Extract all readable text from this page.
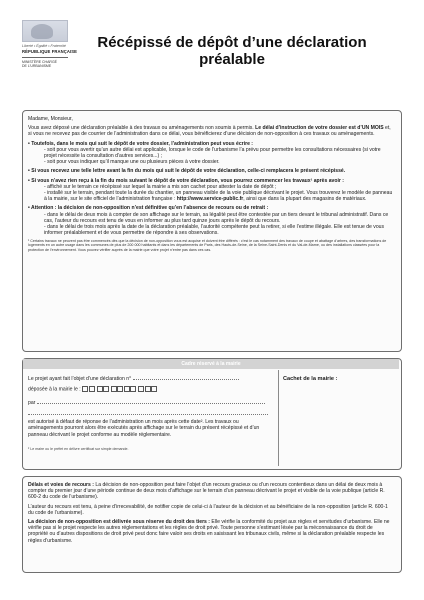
Liberté • Égalité • Fraternité
RÉPUBLIQUE FRANÇAISE
MINISTÈRE CHARGÉ
DE L’URBANISME
Récépissé de dépôt d’une déclaration préalable
Madame, Monsieur,
Vous avez déposé une déclaration préalable à des travaux ou aménagements non soumis à permis. Le délai d’instruction de votre dossier est d’UN MOIS et, si vous ne recevez pas de courrier de l’administration dans ce délai, vous bénéficierez d’une décision de non-opposition à ces travaux ou aménagements.
• Toutefois, dans le mois qui suit le dépôt de votre dossier, l’administration peut vous écrire :
- soit pour vous avertir qu’un autre délai est applicable, lorsque le code de l’urbanisme l’a prévu pour permettre les consultations nécessaires (si votre projet nécessite la consultation d’autres services...) ;
- soit pour vous indiquer qu’il manque une ou plusieurs pièces à votre dossier.
• Si vous recevez une telle lettre avant la fin du mois qui suit le dépôt de votre déclaration, celle-ci remplacera le présent récépissé.
• Si vous n’avez rien reçu à la fin du mois suivant le dépôt de votre déclaration, vous pourrez commencer les travaux¹ après avoir :
- affiché sur le terrain ce récépissé sur lequel la mairie a mis son cachet pour attester la date de dépôt ;
- installé sur le terrain, pendant toute la durée du chantier, un panneau visible de la voie publique décrivant le projet. Vous trouverez le modèle de panneau à la mairie, sur le site officiel de l’administration française : http://www.service-public.fr, ainsi que dans la plupart des magasins de matériaux.
• Attention : la décision de non-opposition n’est définitive qu’en l’absence de recours ou de retrait :
- dans le délai de deux mois à compter de son affichage sur le terrain, sa légalité peut être contestée par un tiers devant le tribunal administratif. Dans ce cas, l’auteur du recours est tenu de vous en informer au plus tard quinze jours après le dépôt du recours.
- dans le délai de trois mois après la date de la déclaration préalable, l’autorité compétente peut la retirer, si elle l’estime illégale. Elle est tenue de vous informer préalablement et de vous permettre de répondre à ses observations.
¹ Certains travaux ne peuvent pas être commencés dès que la décision de non-opposition vous est acquise et doivent être différés : c’est le cas notamment des travaux de coupe et abattage d’arbres, des transformations de logements en un autre usage dans les communes de plus de 200 000 habitants et dans les départements de Paris, des Hauts-de-Seine, de la Seine-Saint-Denis et du Val-de-Marne, ou des installations classées pour la protection de l’environnement. Vous pouvez vérifier auprès de la mairie que votre projet n’entre pas dans ces cas.
Cadre réservé à la mairie
Le projet ayant fait l’objet d’une déclaration n°
déposée à la mairie le :
par
est autorisé à défaut de réponse de l’administration un mois après cette date². Les travaux ou aménagements pourront alors être exécutés après affichage sur le terrain du présent récépissé et d’un panneau décrivant le projet conforme au modèle réglementaire.
² Le maire ou le préfet en délivre certificat sur simple demande.
Cachet de la mairie :
Délais et voies de recours : La décision de non-opposition peut faire l’objet d’un recours gracieux ou d’un recours contentieux dans un délai de deux mois à compter du premier jour d’une période continue de deux mois d’affichage sur le terrain d’un panneau décrivant le projet et visible de la voie publique (article R. 600-2 du code de l’urbanisme).
L’auteur du recours est tenu, à peine d’irrecevabilité, de notifier copie de celui-ci à l’auteur de la décision et au bénéficiaire de la non-opposition (article R. 600-1 du code de l’urbanisme).
La décision de non-opposition est délivrée sous réserve du droit des tiers : Elle vérifie la conformité du projet aux règles et servitudes d’urbanisme. Elle ne vérifie pas si le projet respecte les autres réglementations et les règles de droit privé. Toute personne s’estimant lésée par la méconnaissance du droit de propriété ou d’autres dispositions de droit privé peut donc faire valoir ses droits en saisissant les tribunaux civils, même si la déclaration préalable respecte les règles d’urbanisme.
